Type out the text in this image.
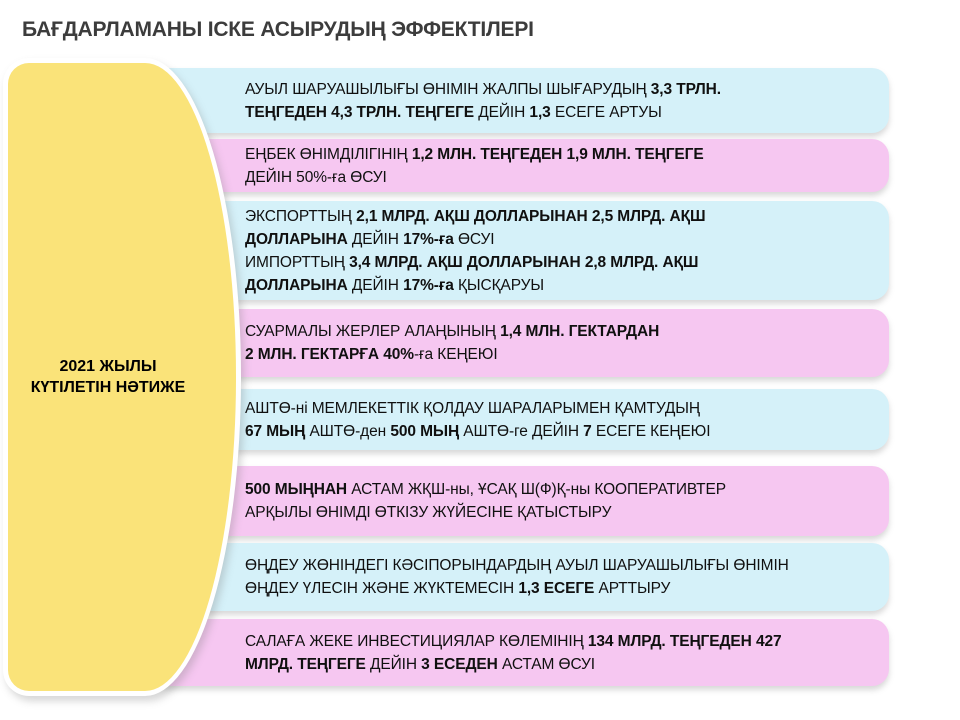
БАҒДАРЛАМАНЫ ІСКЕ АСЫРУДЫҢ ЭФФЕКТІЛЕРІ
АУЫЛ ШАРУАШЫЛЫҒЫ ӨНІМІН ЖАЛПЫ ШЫҒАРУДЫҢ 3,3 ТРЛН.
ТЕҢГЕДЕН 4,3 ТРЛН. ТЕҢГЕГЕ ДЕЙІН 1,3 ЕСЕГЕ АРТУЫ
ЕҢБЕК ӨНІМДІЛІГІНІҢ 1,2 МЛН. ТЕҢГЕДЕН 1,9 МЛН. ТЕҢГЕГЕ
ДЕЙІН 50%-ға ӨСУІ
ЭКСПОРТТЫҢ 2,1 МЛРД. АҚШ ДОЛЛАРЫНАН 2,5 МЛРД. АҚШ
ДОЛЛАРЫНА ДЕЙІН 17%-ға ӨСУІ
ИМПОРТТЫҢ 3,4 МЛРД. АҚШ ДОЛЛАРЫНАН 2,8 МЛРД. АҚШ
ДОЛЛАРЫНА ДЕЙІН 17%-ға ҚЫСҚАРУЫ
СУАРМАЛЫ ЖЕРЛЕР АЛАҢЫНЫҢ 1,4 МЛН. ГЕКТАРДАН
2 МЛН. ГЕКТАРҒА 40%-ға КЕҢЕЮІ
АШТӨ-ні МЕМЛЕКЕТТІК ҚОЛДАУ ШАРАЛАРЫМЕН ҚАМТУДЫҢ
67 МЫҢ АШТӨ-ден 500 МЫҢ АШТӨ-ге ДЕЙІН 7 ЕСЕГЕ КЕҢЕЮІ
500 МЫҢНАН АСТАМ ЖҚШ-ны, ҰСАҚ Ш(Ф)Қ-ны КООПЕРАТИВТЕР
АРҚЫЛЫ ӨНІМДІ ӨТКІЗУ ЖҮЙЕСІНЕ ҚАТЫСТЫРУ
ӨҢДЕУ ЖӨНІНДЕГІ КӘСІПОРЫНДАРДЫҢ АУЫЛ ШАРУАШЫЛЫҒЫ ӨНІМІН
ӨҢДЕУ ҮЛЕСІН ЖӘНЕ ЖҮКТЕМЕСІН 1,3 ЕСЕГЕ АРТТЫРУ
САЛАҒА ЖЕКЕ ИНВЕСТИЦИЯЛАР КӨЛЕМІНІҢ 134 МЛРД. ТЕҢГЕДЕН 427
МЛРД. ТЕҢГЕГЕ ДЕЙІН 3 ЕСЕДЕН АСТАМ ӨСУІ
2021 ЖЫЛЫ
КҮТІЛЕТІН НӘТИЖЕ
